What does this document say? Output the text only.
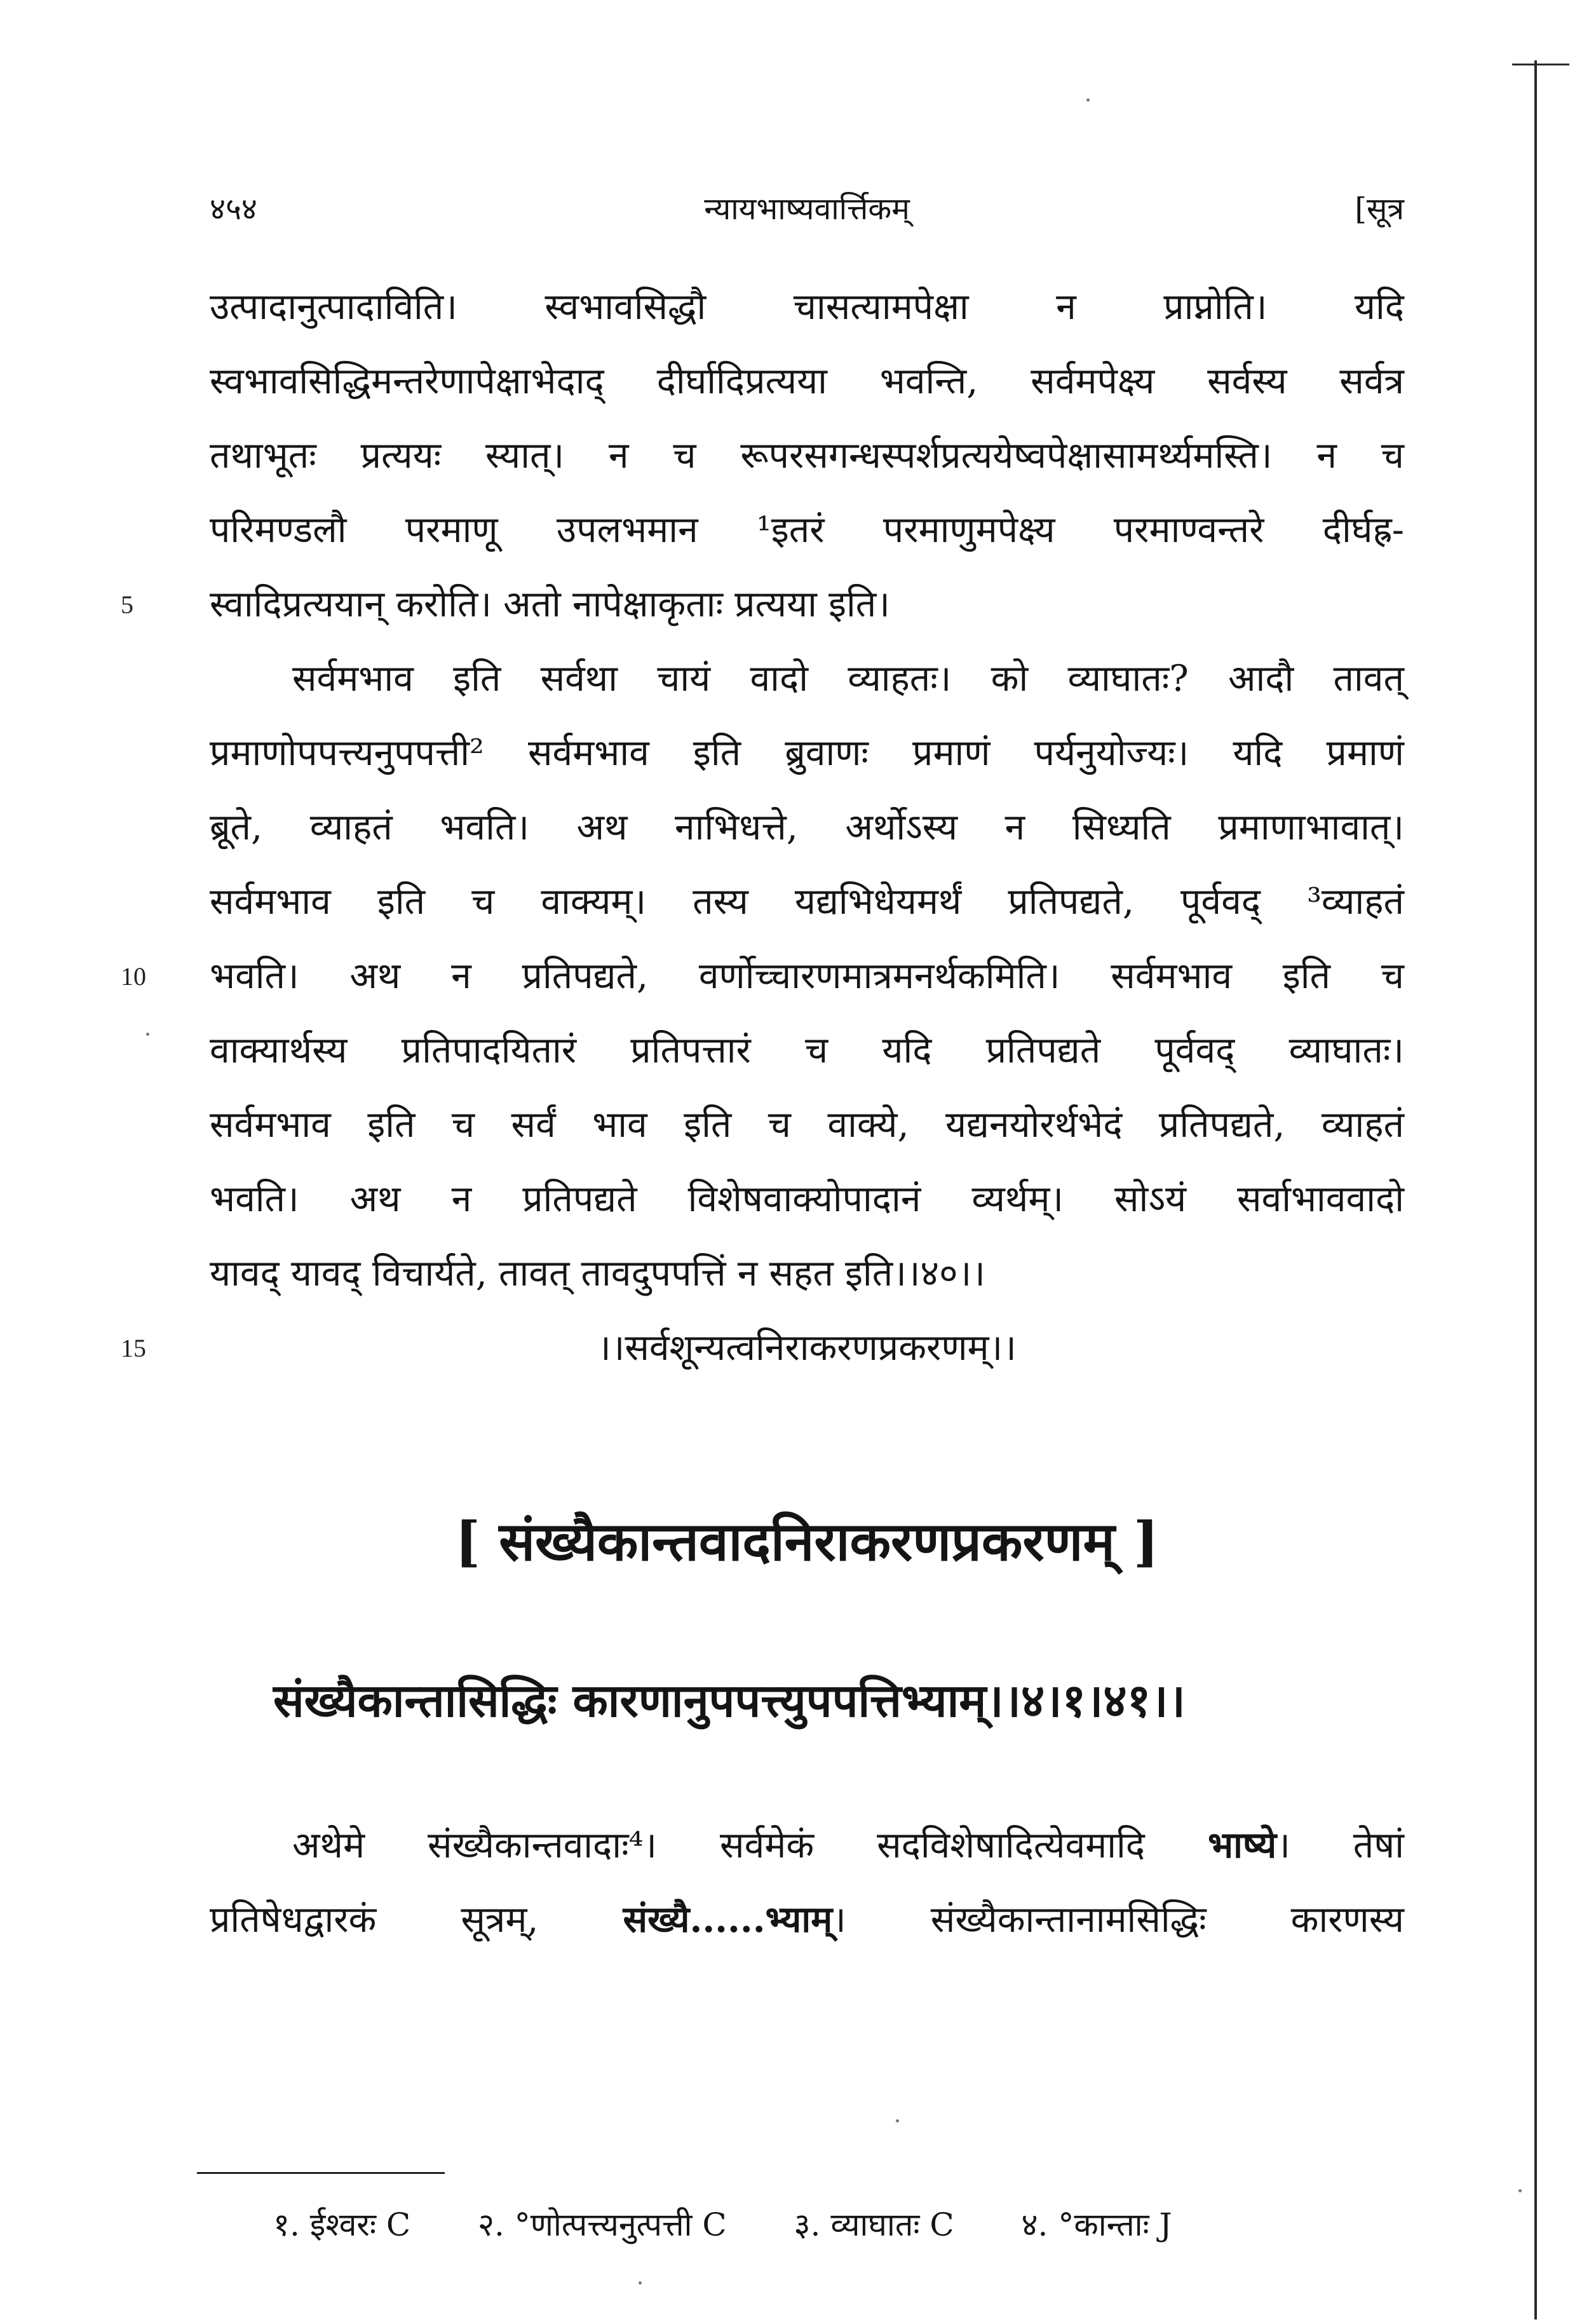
४५४	न्यायभाष्यवार्त्तिकम्	[सूत्र
उत्पादानुत्पादाविति। स्वभावसिद्धौ चासत्यामपेक्षा न प्राप्नोति। यदि
स्वभावसिद्धिमन्तरेणापेक्षाभेदाद् दीर्घादिप्रत्यया भवन्ति, सर्वमपेक्ष्य सर्वस्य सर्वत्र
तथाभूतः प्रत्ययः स्यात्। न च रूपरसगन्धस्पर्शप्रत्ययेष्वपेक्षासामर्थ्यमस्ति। न च
परिमण्डलौ परमाणू उपलभमान ¹इतरं परमाणुमपेक्ष्य परमाण्वन्तरे दीर्घह्र-
5 स्वादिप्रत्ययान् करोति। अतो नापेक्षाकृताः प्रत्यया इति।
सर्वमभाव इति सर्वथा चायं वादो व्याहतः। को व्याघातः? आदौ तावत्
प्रमाणोपपत्त्यनुपपत्ती² सर्वमभाव इति ब्रुवाणः प्रमाणं पर्यनुयोज्यः। यदि प्रमाणं
ब्रूते, व्याहतं भवति। अथ नाभिधत्ते, अर्थोऽस्य न सिध्यति प्रमाणाभावात्।
सर्वमभाव इति च वाक्यम्। तस्य यद्यभिधेयमर्थं प्रतिपद्यते, पूर्ववद् ³व्याहतं
10 भवति। अथ न प्रतिपद्यते, वर्णोच्चारणमात्रमनर्थकमिति। सर्वमभाव इति च
वाक्यार्थस्य प्रतिपादयितारं प्रतिपत्तारं च यदि प्रतिपद्यते पूर्ववद् व्याघातः।
सर्वमभाव इति च सर्वं भाव इति च वाक्ये, यद्यनयोरर्थभेदं प्रतिपद्यते, व्याहतं
भवति। अथ न प्रतिपद्यते विशेषवाक्योपादानं व्यर्थम्। सोऽयं सर्वाभाववादो
यावद् यावद् विचार्यते, तावत् तावदुपपत्तिं न सहत इति।।४०।।
15	।।सर्वशून्यत्वनिराकरणप्रकरणम्।।
[ संख्यैकान्तवादनिराकरणप्रकरणम् ]
संख्यैकान्तासिद्धिः कारणानुपपत्त्युपपत्तिभ्याम्।।४।१।४१।।
अथेमे संख्यैकान्तवादाः⁴। सर्वमेकं सदविशेषादित्येवमादि भाष्ये। तेषां
प्रतिषेधद्वारकं सूत्रम्, संख्यै......भ्याम्। संख्यैकान्तानामसिद्धिः कारणस्य
१. ईश्वरः C २. °णोत्पत्त्यनुत्पत्ती C ३. व्याघातः C ४. °कान्ताः J
